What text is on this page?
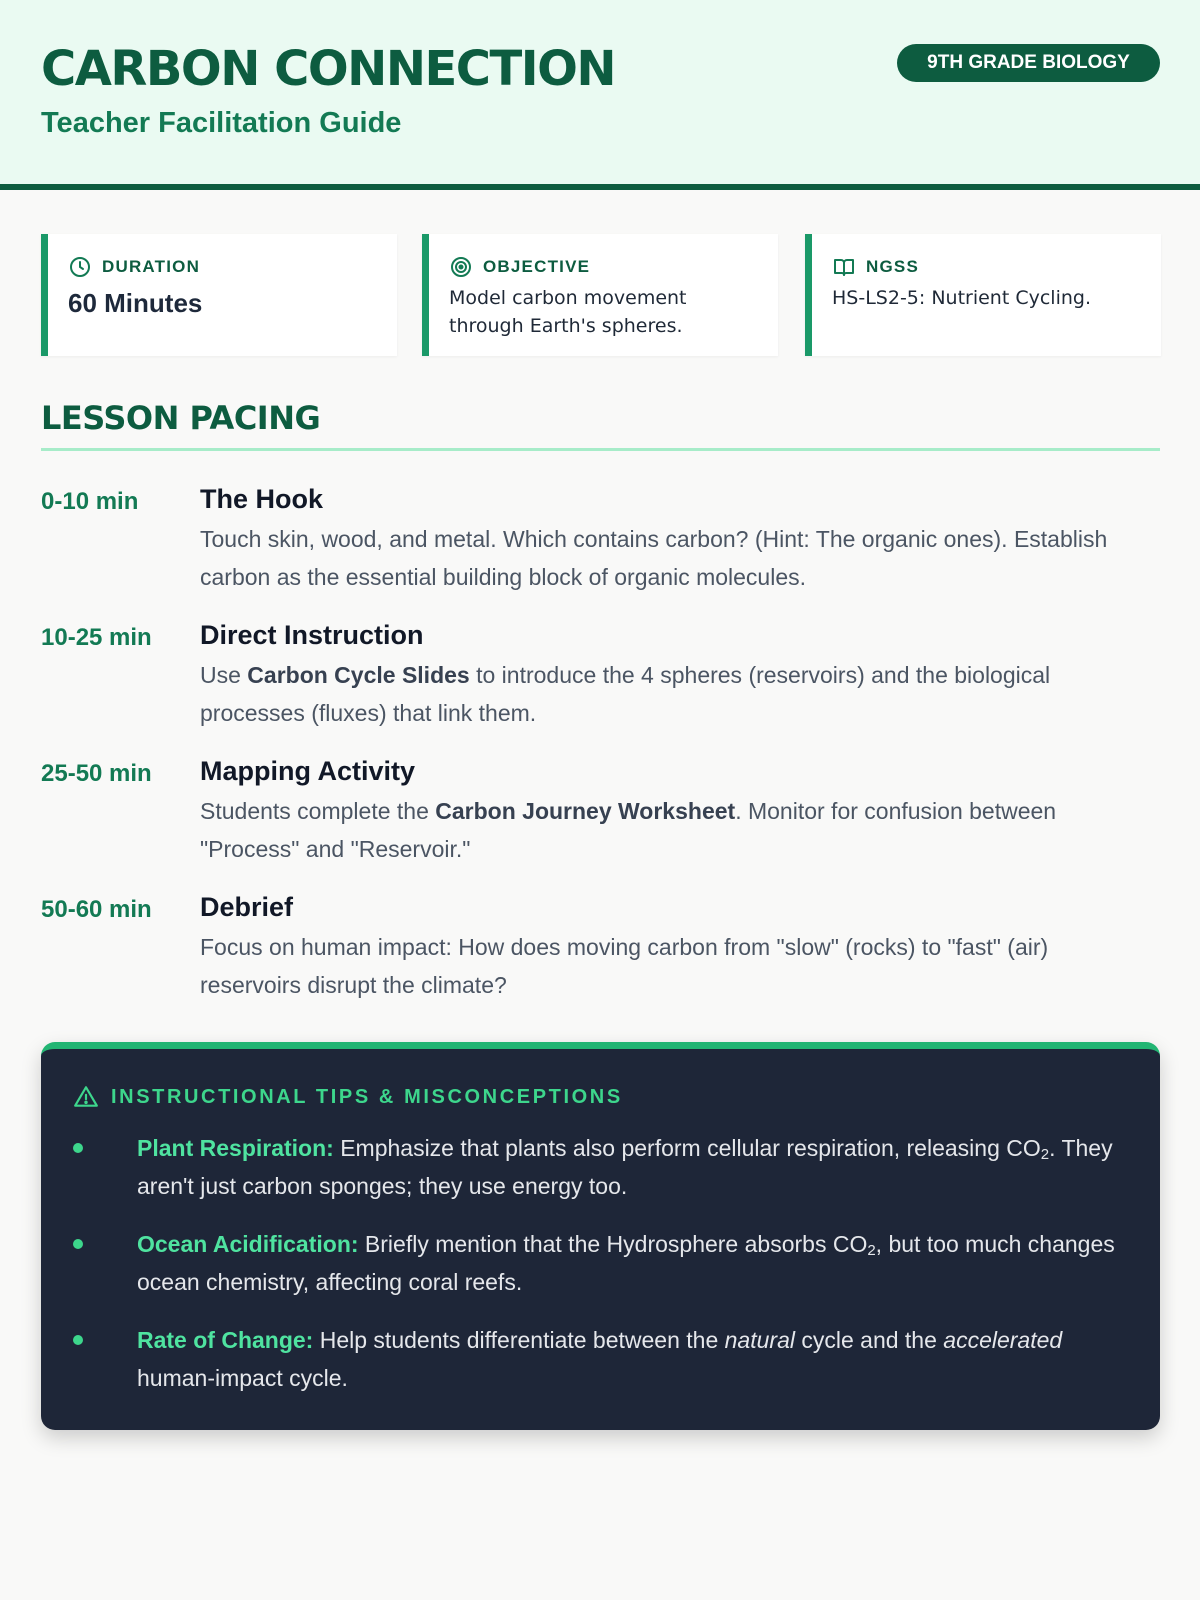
CARBON CONNECTION
Teacher Facilitation Guide
9TH GRADE BIOLOGY
DURATION
60 Minutes
OBJECTIVE
Model carbon movement through Earth's spheres.
NGSS
HS-LS2-5: Nutrient Cycling.
LESSON PACING
0-10 min The Hook
Touch skin, wood, and metal. Which contains carbon? (Hint: The organic ones). Establish carbon as the essential building block of organic molecules.
10-25 min Direct Instruction
Use Carbon Cycle Slides to introduce the 4 spheres (reservoirs) and the biological processes (fluxes) that link them.
25-50 min Mapping Activity
Students complete the Carbon Journey Worksheet. Monitor for confusion between "Process" and "Reservoir."
50-60 min Debrief
Focus on human impact: How does moving carbon from "slow" (rocks) to "fast" (air) reservoirs disrupt the climate?
INSTRUCTIONAL TIPS & MISCONCEPTIONS
Plant Respiration: Emphasize that plants also perform cellular respiration, releasing $CO_2$. They aren't just carbon sponges; they use energy too.
Ocean Acidification: Briefly mention that the Hydrosphere absorbs $CO_2$, but too much changes ocean chemistry, affecting coral reefs.
Rate of Change: Help students differentiate between the natural cycle and the accelerated human-impact cycle.
